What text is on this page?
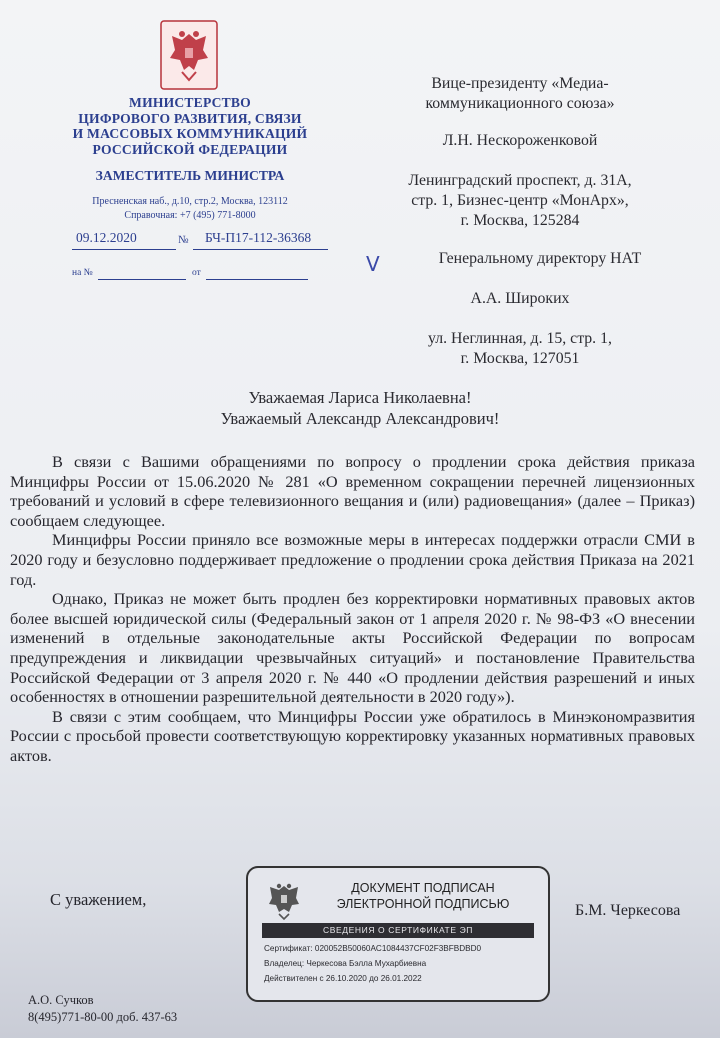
МИНИСТЕРСТВО
ЦИФРОВОГО РАЗВИТИЯ, СВЯЗИ
И МАССОВЫХ КОММУНИКАЦИЙ
РОССИЙСКОЙ ФЕДЕРАЦИИ
ЗАМЕСТИТЕЛЬ МИНИСТРА
Пресненская наб., д.10, стр.2, Москва, 123112
Справочная: +7 (495) 771-8000
09.12.2020	№ БЧ-П17-112-36368
на №	от
Вице-президенту «Медиа-
коммуникационного союза»
Л.Н. Нескороженковой
Ленинградский проспект, д. 31А,
стр. 1, Бизнес-центр «МонАрх»,
г. Москва, 125284
V	Генеральному директору НАТ
А.А. Широких
ул. Неглинная, д. 15, стр. 1,
г. Москва, 127051
Уважаемая Лариса Николаевна!
Уважаемый Александр Александрович!

В связи с Вашими обращениями по вопросу о продлении срока действия приказа Минцифры России от 15.06.2020 № 281 «О временном сокращении перечней лицензионных требований и условий в сфере телевизионного вещания и (или) радиовещания» (далее – Приказ) сообщаем следующее.

Минцифры России приняло все возможные меры в интересах поддержки отрасли СМИ в 2020 году и безусловно поддерживает предложение о продлении срока действия Приказа на 2021 год.

Однако, Приказ не может быть продлен без корректировки нормативных правовых актов более высшей юридической силы (Федеральный закон от 1 апреля 2020 г. № 98-ФЗ «О внесении изменений в отдельные законодательные акты Российской Федерации по вопросам предупреждения и ликвидации чрезвычайных ситуаций» и постановление Правительства Российской Федерации от 3 апреля 2020 г. № 440 «О продлении действия разрешений и иных особенностях в отношении разрешительной деятельности в 2020 году»).

В связи с этим сообщаем, что Минцифры России уже обратилось в Минэкономразвития России с просьбой провести соответствующую корректировку указанных нормативных правовых актов.

С уважением,
Б.М. Черкесова
ДОКУМЕНТ ПОДПИСАН
ЭЛЕКТРОННОЙ ПОДПИСЬЮ
СВЕДЕНИЯ О СЕРТИФИКАТЕ ЭП
Сертификат: 020052B50060AC1084437CF02F3BFBDBD0
Владелец: Черкесова Бэлла Мухарбиевна
Действителен с 26.10.2020 до 26.01.2022
А.О. Сучков
8(495)771-80-00 доб. 437-63
